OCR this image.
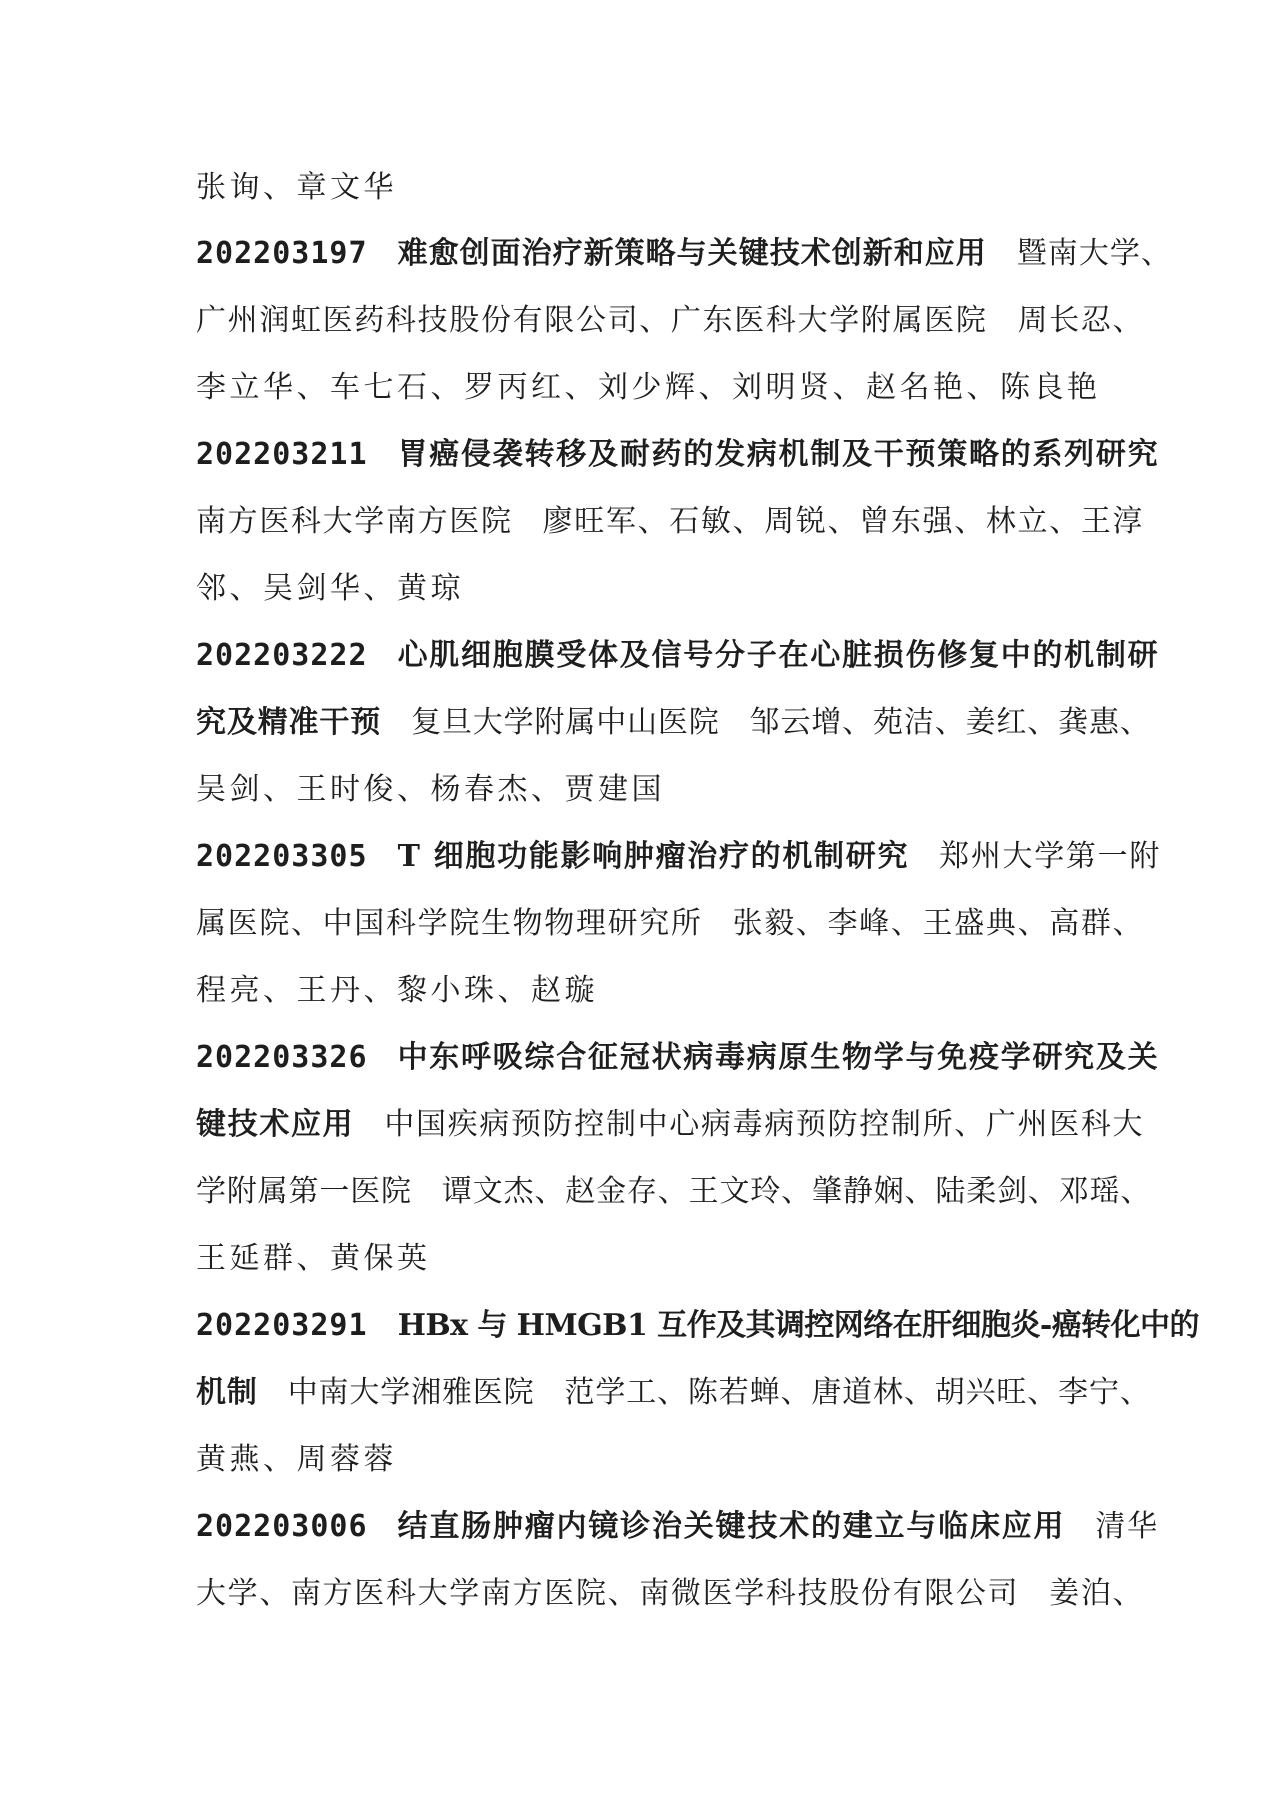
张询、章文华
202203197 难愈创面治疗新策略与关键技术创新和应用 暨南大学、
广州润虹医药科技股份有限公司、广东医科大学附属医院 周长忍、
李立华、车七石、罗丙红、刘少辉、刘明贤、赵名艳、陈良艳
202203211 胃癌侵袭转移及耐药的发病机制及干预策略的系列研究
南方医科大学南方医院 廖旺军、石敏、周锐、曾东强、林立、王淳
邻、吴剑华、黄琼
202203222 心肌细胞膜受体及信号分子在心脏损伤修复中的机制研
究及精准干预 复旦大学附属中山医院 邹云增、苑洁、姜红、龚惠、
吴剑、王时俊、杨春杰、贾建国
202203305 T 细胞功能影响肿瘤治疗的机制研究 郑州大学第一附
属医院、中国科学院生物物理研究所 张毅、李峰、王盛典、高群、
程亮、王丹、黎小珠、赵璇
202203326 中东呼吸综合征冠状病毒病原生物学与免疫学研究及关
键技术应用 中国疾病预防控制中心病毒病预防控制所、广州医科大
学附属第一医院 谭文杰、赵金存、王文玲、肇静娴、陆柔剑、邓瑶、
王延群、黄保英
202203291 HBx 与 HMGB1 互作及其调控网络在肝细胞炎-癌转化中的
机制 中南大学湘雅医院 范学工、陈若蝉、唐道林、胡兴旺、李宁、
黄燕、周蓉蓉
202203006 结直肠肿瘤内镜诊治关键技术的建立与临床应用 清华
大学、南方医科大学南方医院、南微医学科技股份有限公司 姜泊、
